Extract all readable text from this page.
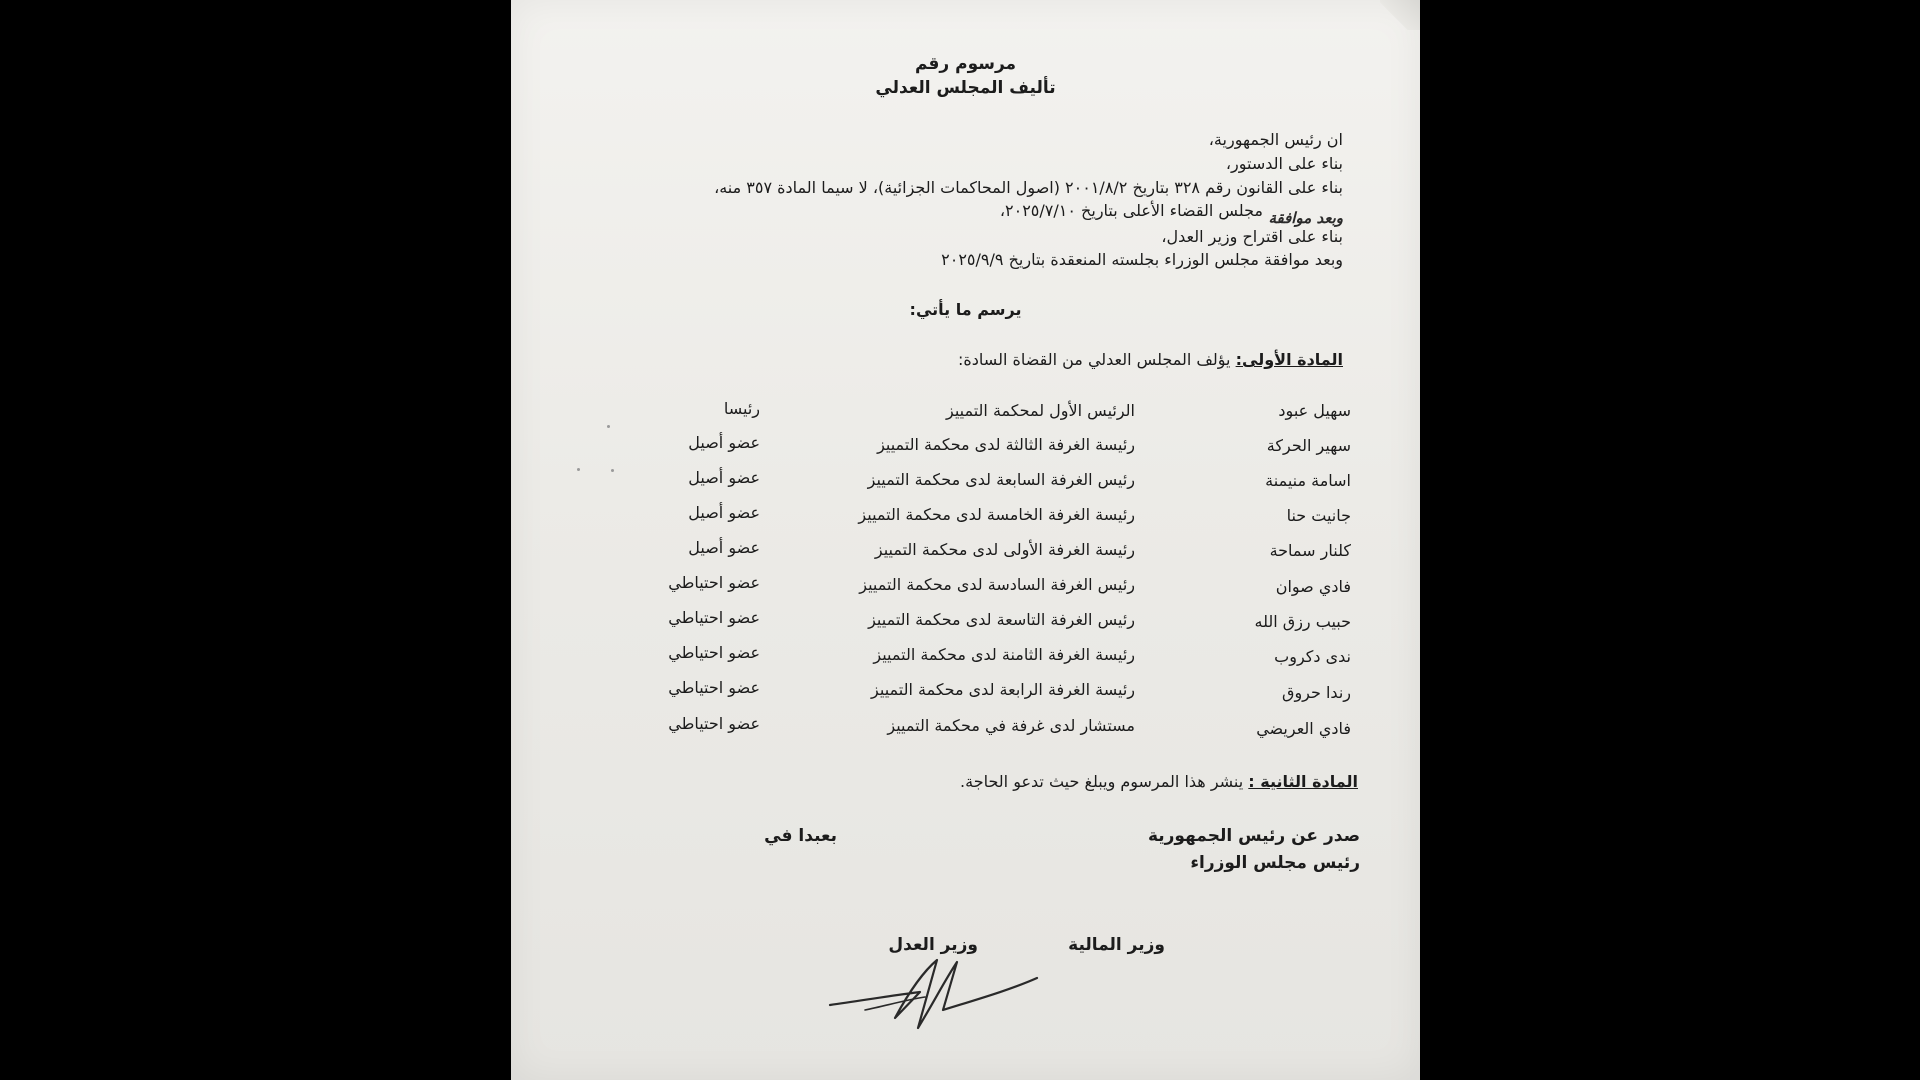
مرسوم رقم
تأليف المجلس العدلي
ان رئيس الجمهورية،
بناء على الدستور،
بناء على القانون رقم ٣٢٨ بتاريخ ٢٠٠١/٨/٢ (اصول المحاكمات الجزائية)، لا سيما المادة ٣٥٧ منه،
مجلس القضاء الأعلى بتاريخ ٢٠٢٥/٧/١٠، وبعد موافقة
بناء على اقتراح وزير العدل،
وبعد موافقة مجلس الوزراء بجلسته المنعقدة بتاريخ ٢٠٢٥/٩/٩
يرسم ما يأتي:
المادة الأولى: يؤلف المجلس العدلي من القضاة السادة:
سهيل عبود
الرئيس الأول لمحكمة التمييز
رئيسا
سهير الحركة
رئيسة الغرفة الثالثة لدى محكمة التمييز
عضو أصيل
اسامة منيمنة
رئيس الغرفة السابعة لدى محكمة التمييز
عضو أصيل
جانيت حنا
رئيسة الغرفة الخامسة لدى محكمة التمييز
عضو أصيل
كلنار سماحة
رئيسة الغرفة الأولى لدى محكمة التمييز
عضو أصيل
فادي صوان
رئيس الغرفة السادسة لدى محكمة التمييز
عضو احتياطي
حبيب رزق الله
رئيس الغرفة التاسعة لدى محكمة التمييز
عضو احتياطي
ندى دكروب
رئيسة الغرفة الثامنة لدى محكمة التمييز
عضو احتياطي
رندا حروق
رئيسة الغرفة الرابعة لدى محكمة التمييز
عضو احتياطي
فادي العريضي
مستشار لدى غرفة في محكمة التمييز
عضو احتياطي
المادة الثانية : ينشر هذا المرسوم ويبلغ حيث تدعو الحاجة.
صدر عن رئيس الجمهورية
بعبدا في
رئيس مجلس الوزراء
وزير المالية
وزير العدل
